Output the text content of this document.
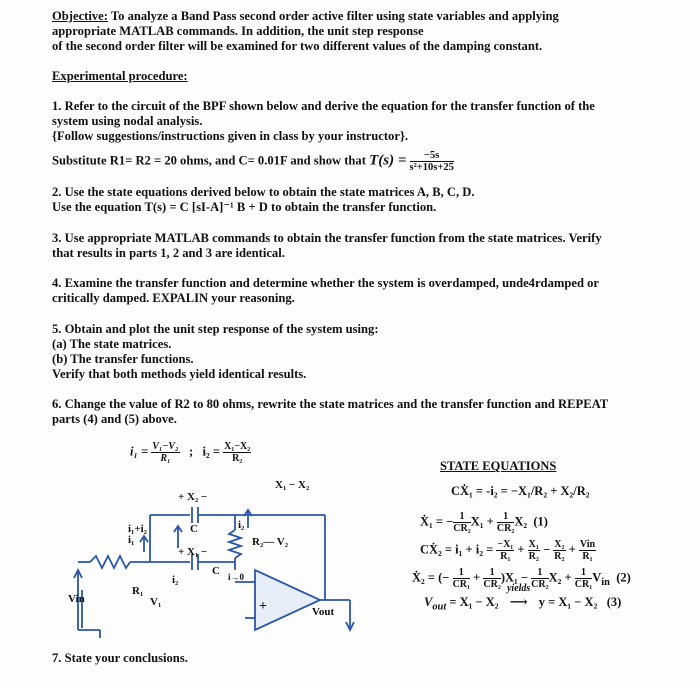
Objective: To analyze a Band Pass second order active filter using state variables and applying
appropriate MATLAB commands. In addition, the unit step response
of the second order filter will be examined for two different values of the damping constant.
Experimental procedure:
1. Refer to the circuit of the BPF shown below and derive the equation for the transfer function of the
system using nodal analysis.
{Follow suggestions/instructions given in class by your instructor}.
Substitute R1= R2 = 20 ohms, and C= 0.01F and show that $T(s) = \frac{-5s}{\text{s²+10s+25}}$
2. Use the state equations derived below to obtain the state matrices A, B, C, D.
Use the equation T(s) = C [sI-A]⁻¹ B + D to obtain the transfer function.
3. Use appropriate MATLAB commands to obtain the transfer function from the state matrices. Verify
that results in parts 1, 2 and 3 are identical.
4. Examine the transfer function and determine whether the system is overdamped, unde4rdamped or
critically damped. EXPALIN your reasoning.
5. Obtain and plot the unit step response of the system using:
(a) The state matrices.
(b) The transfer functions.
Verify that both methods yield identical results.
6. Change the value of R2 to 80 ohms, rewrite the state matrices and the transfer function and REPEAT
parts (4) and (5) above.
$i_1 = \frac{\text{V₁−V₂}}{\text{R₁}}$ ; $i_2 = \frac{\text{X₁−X₂}}{\text{R₂}}$
X₁ − X₂
+ X₂ −
C	i₂
i₁+i₂
i₁	R₂— V₂
+ X₁ −
i₂
C i→0
R₁
Vin	V₁	+	Vout
STATE EQUATIONS
CẊ₁ = -i₂ = −X₁/R₂ + X₂/R₂
Ẋ₁ = − $\frac{1}{\text{CR₂}} X_1 + \frac{1}{\text{CR₂}} X_2$  (1)
CẊ₂ = $i_1 + i_2 = \frac{\text{−X₁}}{\text{R₁}} + \frac{\text{X₁}}{\text{R₂}} - \frac{\text{X₂}}{\text{R₂}} + \frac{\text{Vin}}{\text{R₁}}$
Ẋ₂ = (− $\frac{1}{\text{CR₁}} + \frac{1}{\text{CR₂}} )X_1 - \frac{1}{\text{CR₂}} X_2 + \frac{1}{\text{CR₁}} V_{in}$ (2)
$V_{out} = X_1 - X_2$
yields
⟶ y = X₁ − X₂   (3)
7. State your conclusions.
